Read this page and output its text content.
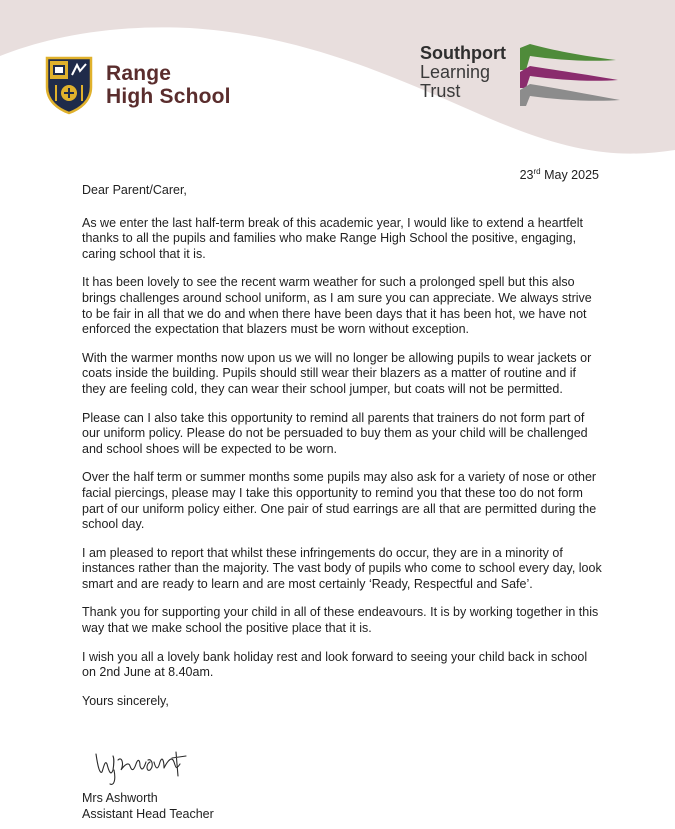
Range
High School
Southport
Learning
Trust
23rd May 2025

Dear Parent/Carer,

As we enter the last half-term break of this academic year, I would like to extend a heartfelt thanks to all the pupils and families who make Range High School the positive, engaging, caring school that it is.

It has been lovely to see the recent warm weather for such a prolonged spell but this also brings challenges around school uniform, as I am sure you can appreciate. We always strive to be fair in all that we do and when there have been days that it has been hot, we have not enforced the expectation that blazers must be worn without exception.

With the warmer months now upon us we will no longer be allowing pupils to wear jackets or coats inside the building. Pupils should still wear their blazers as a matter of routine and if they are feeling cold, they can wear their school jumper, but coats will not be permitted.

Please can I also take this opportunity to remind all parents that trainers do not form part of our uniform policy. Please do not be persuaded to buy them as your child will be challenged and school shoes will be expected to be worn.

Over the half term or summer months some pupils may also ask for a variety of nose or other facial piercings, please may I take this opportunity to remind you that these too do not form part of our uniform policy either. One pair of stud earrings are all that are permitted during the school day.

I am pleased to report that whilst these infringements do occur, they are in a minority of instances rather than the majority. The vast body of pupils who come to school every day, look smart and are ready to learn and are most certainly ‘Ready, Respectful and Safe’.

Thank you for supporting your child in all of these endeavours. It is by working together in this way that we make school the positive place that it is.

I wish you all a lovely bank holiday rest and look forward to seeing your child back in school on 2nd June at 8.40am.

Yours sincerely,

Mrs Ashworth
Assistant Head Teacher
